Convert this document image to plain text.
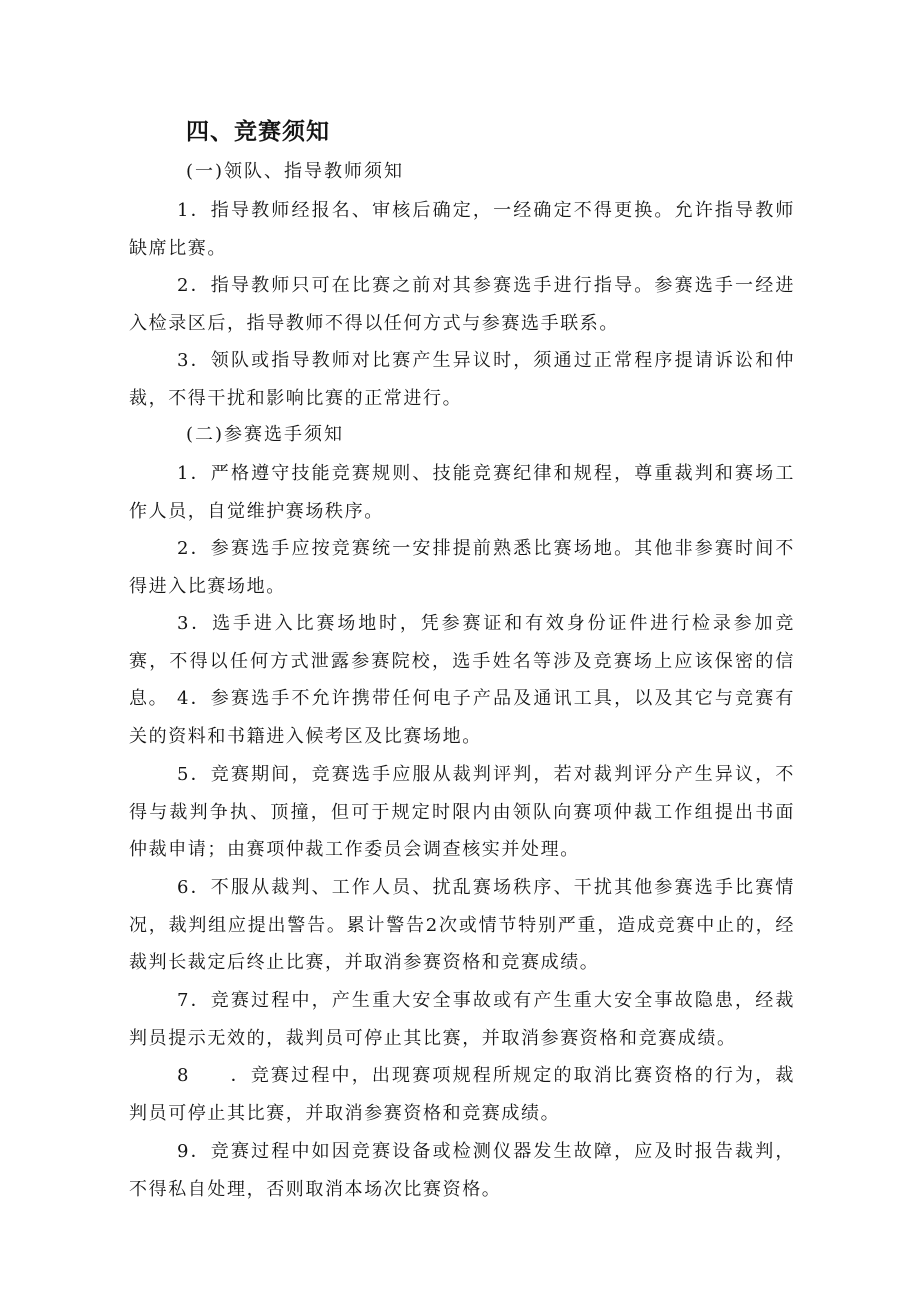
四、竞赛须知

(一)领队、指导教师须知

1．指导教师经报名、审核后确定，一经确定不得更换。允许指导教师缺席比赛。

2．指导教师只可在比赛之前对其参赛选手进行指导。参赛选手一经进入检录区后，指导教师不得以任何方式与参赛选手联系。

3．领队或指导教师对比赛产生异议时，须通过正常程序提请诉讼和仲裁，不得干扰和影响比赛的正常进行。

(二)参赛选手须知

1．严格遵守技能竞赛规则、技能竞赛纪律和规程，尊重裁判和赛场工作人员，自觉维护赛场秩序。

2．参赛选手应按竞赛统一安排提前熟悉比赛场地。其他非参赛时间不得进入比赛场地。

3．选手进入比赛场地时，凭参赛证和有效身份证件进行检录参加竞赛，不得以任何方式泄露参赛院校，选手姓名等涉及竞赛场上应该保密的信息。 4．参赛选手不允许携带任何电子产品及通讯工具，以及其它与竞赛有关的资料和书籍进入候考区及比赛场地。

5．竞赛期间，竞赛选手应服从裁判评判，若对裁判评分产生异议，不得与裁判争执、顶撞，但可于规定时限内由领队向赛项仲裁工作组提出书面仲裁申请；由赛项仲裁工作委员会调查核实并处理。

6．不服从裁判、工作人员、扰乱赛场秩序、干扰其他参赛选手比赛情况，裁判组应提出警告。累计警告2次或情节特别严重，造成竞赛中止的，经裁判长裁定后终止比赛，并取消参赛资格和竞赛成绩。

7．竞赛过程中，产生重大安全事故或有产生重大安全事故隐患，经裁判员提示无效的，裁判员可停止其比赛，并取消参赛资格和竞赛成绩。

8 ．竞赛过程中，出现赛项规程所规定的取消比赛资格的行为，裁判员可停止其比赛，并取消参赛资格和竞赛成绩。

9．竞赛过程中如因竞赛设备或检测仪器发生故障，应及时报告裁判，不得私自处理，否则取消本场次比赛资格。
